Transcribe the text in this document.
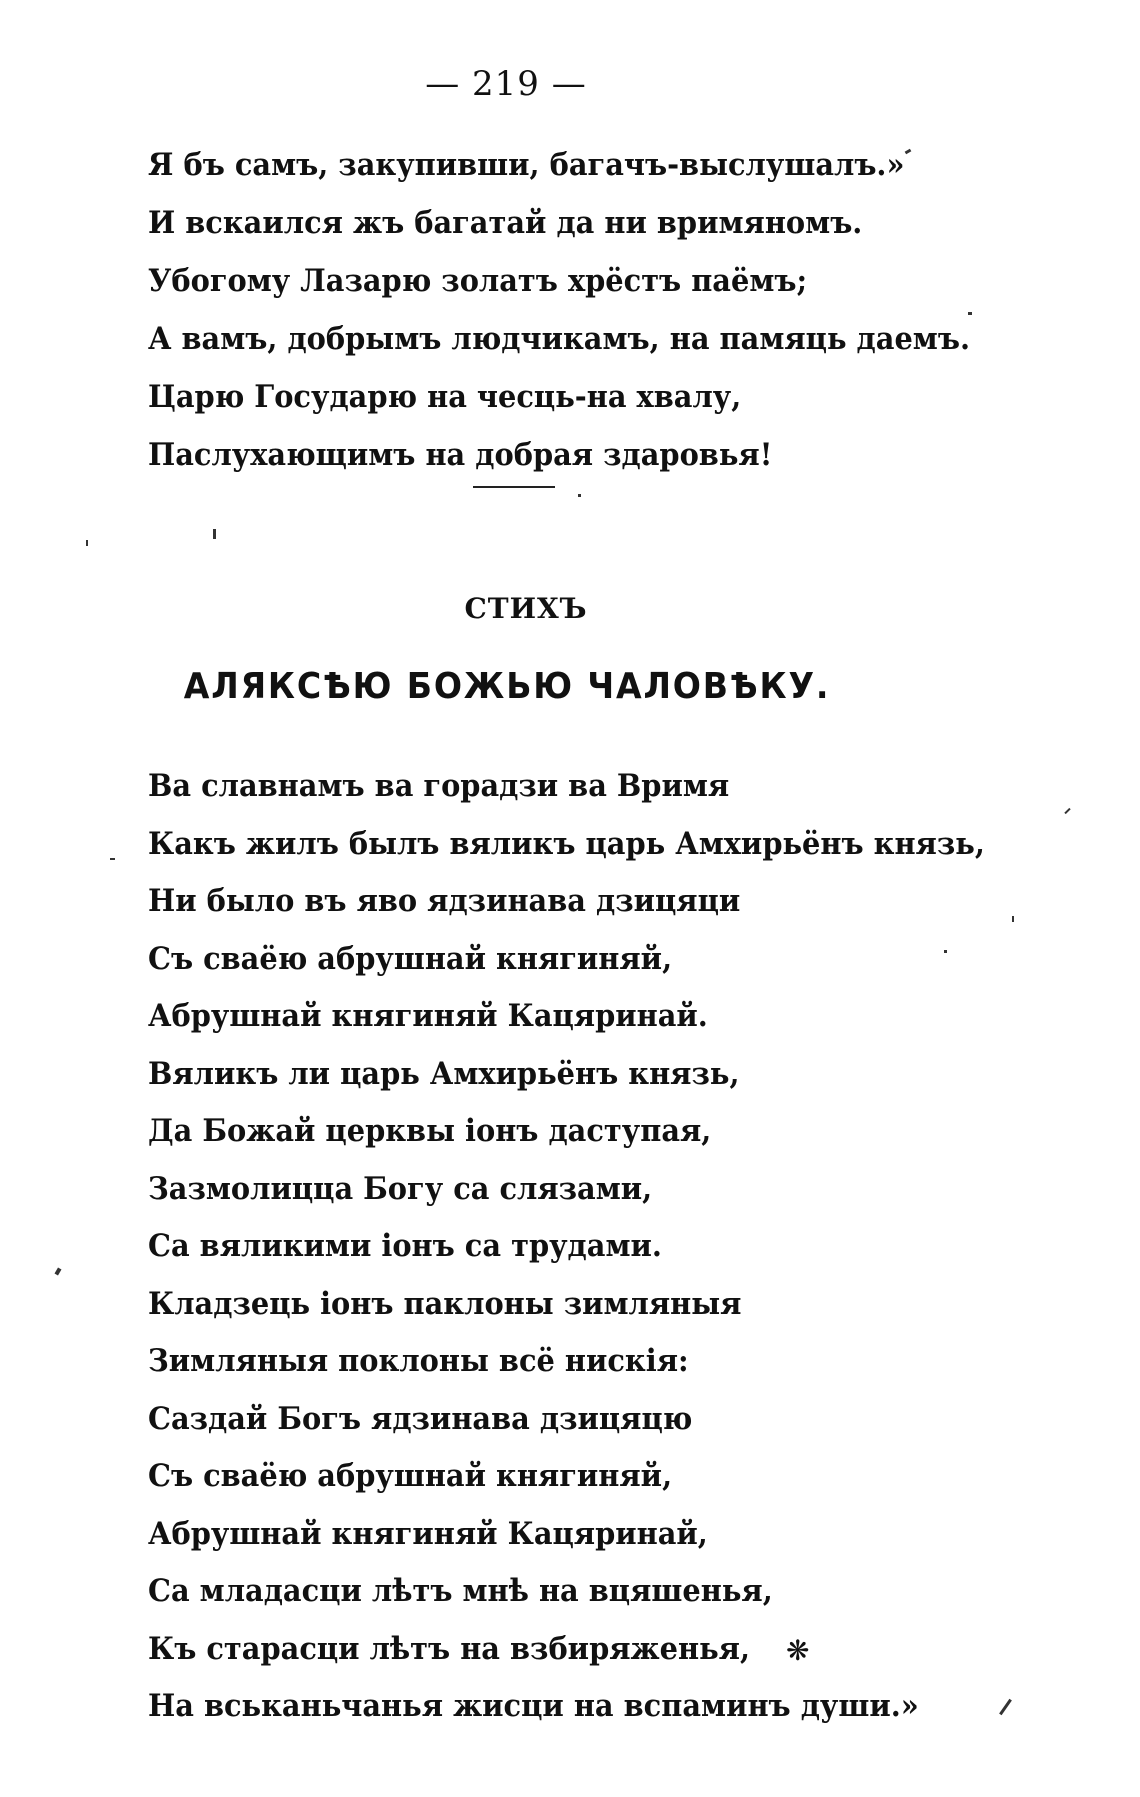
— 219 —
Я бъ самъ, закупивши, багачъ-выслушалъ.»
И вскаился жъ багатай да ни вримяномъ.
Убогому Лазарю золатъ хрёстъ паёмъ;
А вамъ, добрымъ людчикамъ, на памяць даемъ.
Царю Государю на чесць-на хвалу,
Паслухающимъ на добрая здаровья!
СТИХЪ
АЛЯКСѢЮ БОЖЬЮ ЧАЛОВѢКУ.
Ва славнамъ ва горадзи ва Вримя
Какъ жилъ былъ вяликъ царь Амхирьёнъ князь,
Ни было въ яво ядзинава дзицяци
Съ сваёю абрушнай княгиняй,
Абрушнай княгиняй Кацяринай.
Вяликъ ли царь Амхирьёнъ князь,
Да Божай церквы іонъ дaступая,
Зазмолицца Богу са слязами,
Са вяликими іонъ са трудами.
Кладзець іонъ паклоны зимляныя
Зимляныя поклоны всё нискія:
Саздай Богъ ядзинава дзицяцю
Съ сваёю абрушнай княгиняй,
Абрушнай княгиняй Кацяринай,
Са младасци лѣтъ мнѣ на вцяшенья,
Къ старасци лѣтъ на взбиряженья,
На вськаньчанья жисци на вспаминъ души.»
❋
